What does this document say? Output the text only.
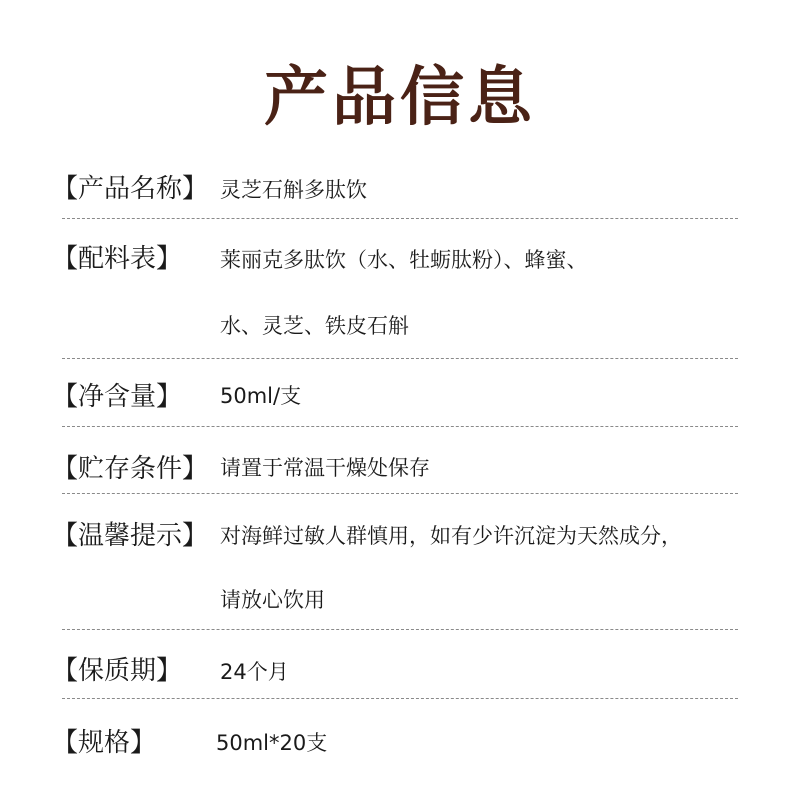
产品信息
【产品名称】 灵芝石斛多肽饮
【配料表】 莱丽克多肽饮（水、牡蛎肽粉）、蜂蜜、
水、灵芝、铁皮石斛
【净含量】 50ml/支
【贮存条件】 请置于常温干燥处保存
【温馨提示】 对海鲜过敏人群慎用，如有少许沉淀为天然成分，
请放心饮用
【保质期】 24个月
【规格】	50ml*20支
